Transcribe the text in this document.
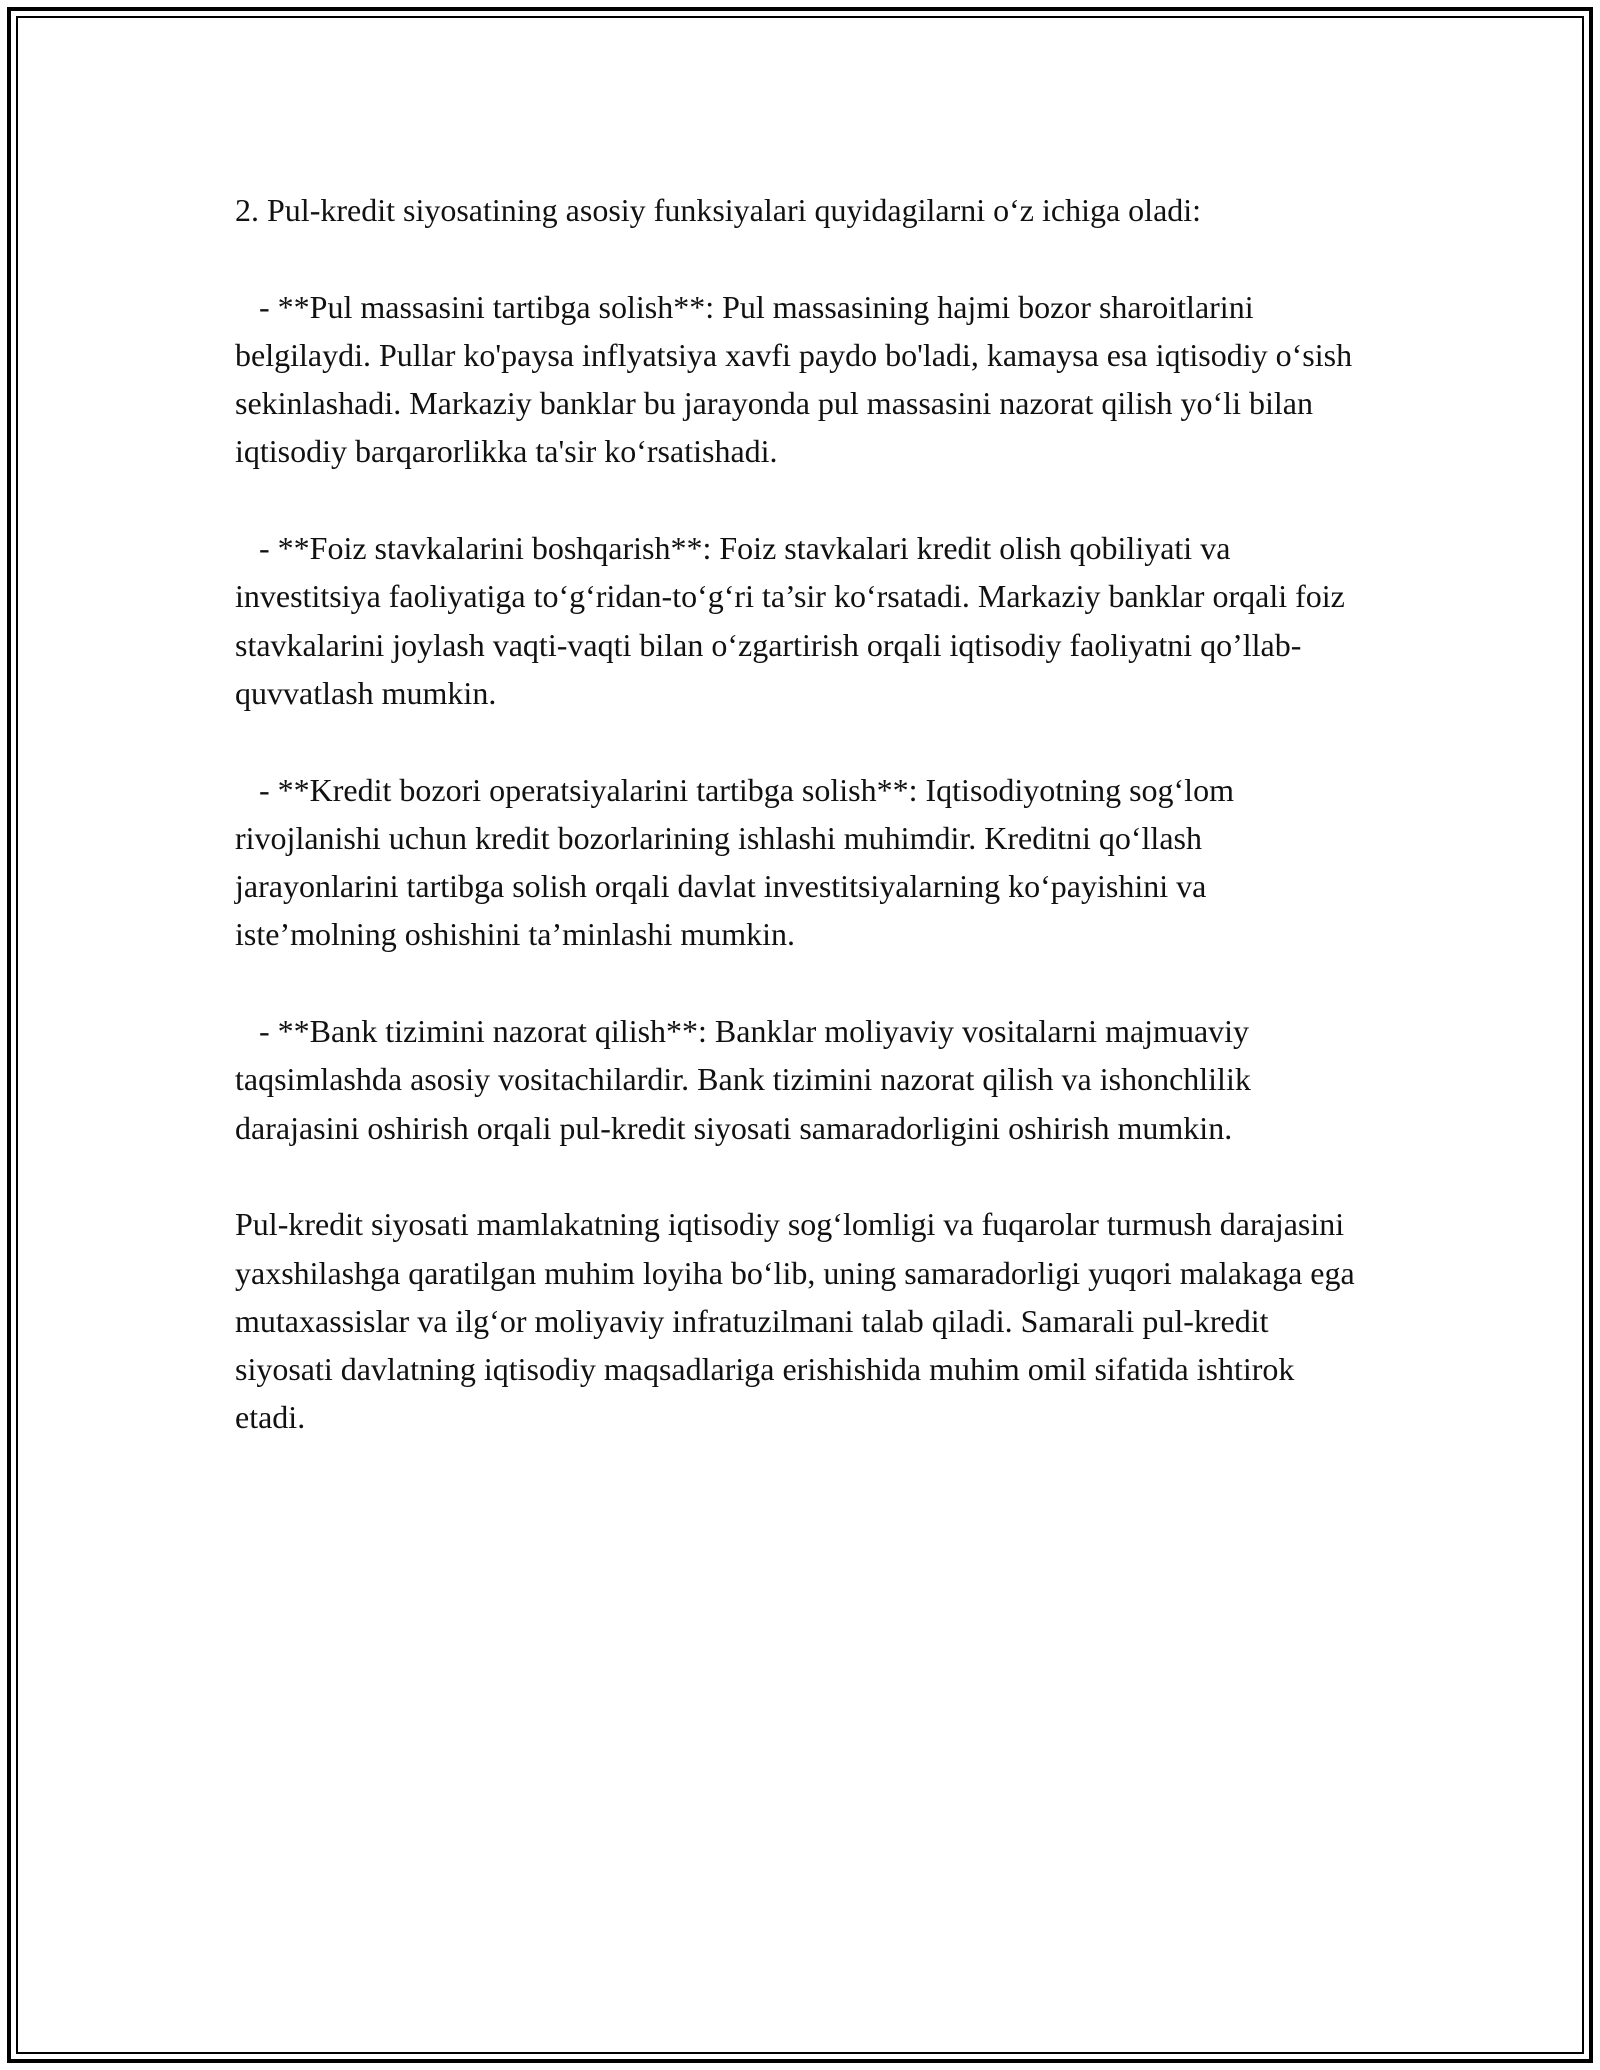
2. Pul-kredit siyosatining asosiy funksiyalari quyidagilarni o‘z ichiga oladi:

- **Pul massasini tartibga solish**: Pul massasining hajmi bozor sharoitlarini belgilaydi. Pullar ko'paysa inflyatsiya xavfi paydo bo'ladi, kamaysa esa iqtisodiy o‘sish sekinlashadi. Markaziy banklar bu jarayonda pul massasini nazorat qilish yo‘li bilan iqtisodiy barqarorlikka ta'sir ko‘rsatishadi.

- **Foiz stavkalarini boshqarish**: Foiz stavkalari kredit olish qobiliyati va investitsiya faoliyatiga to‘g‘ridan-to‘g‘ri ta’sir ko‘rsatadi. Markaziy banklar orqali foiz stavkalarini joylash vaqti-vaqti bilan o‘zgartirish orqali iqtisodiy faoliyatni qo’llab-quvvatlash mumkin.

- **Kredit bozori operatsiyalarini tartibga solish**: Iqtisodiyotning sog‘lom rivojlanishi uchun kredit bozorlarining ishlashi muhimdir. Kreditni qo‘llash jarayonlarini tartibga solish orqali davlat investitsiyalarning ko‘payishini va iste’molning oshishini ta’minlashi mumkin.

- **Bank tizimini nazorat qilish**: Banklar moliyaviy vositalarni majmuaviy taqsimlashda asosiy vositachilardir. Bank tizimini nazorat qilish va ishonchlilik darajasini oshirish orqali pul-kredit siyosati samaradorligini oshirish mumkin.

Pul-kredit siyosati mamlakatning iqtisodiy sog‘lomligi va fuqarolar turmush darajasini yaxshilashga qaratilgan muhim loyiha bo‘lib, uning samaradorligi yuqori malakaga ega mutaxassislar va ilg‘or moliyaviy infratuzilmani talab qiladi. Samarali pul-kredit siyosati davlatning iqtisodiy maqsadlariga erishishida muhim omil sifatida ishtirok etadi.
